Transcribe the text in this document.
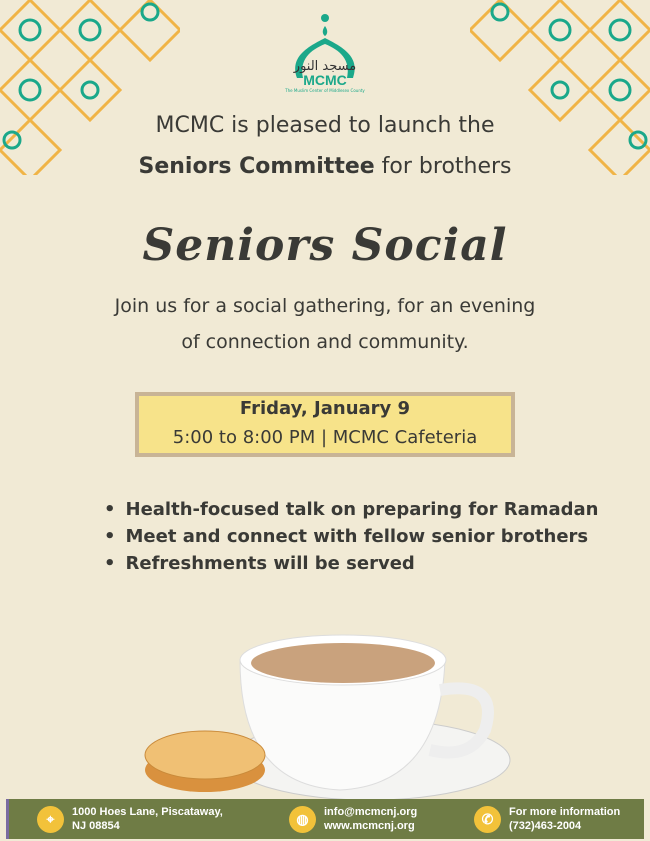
مسجد النور
MCMC
The Muslim Center of Middlesex County
MCMC is pleased to launch the
Seniors Committee for brothers
Seniors Social
Join us for a social gathering, for an evening
of connection and community.
Friday, January 9
5:00 to 8:00 PM | MCMC Cafeteria
• Health-focused talk on preparing for Ramadan
• Meet and connect with fellow senior brothers
• Refreshments will be served
⌖	1000 Hoes Lane, Piscataway,
NJ 08854	◍	info@mcmcnj.org
www.mcmcnj.org	✆	For more information
(732)463-2004
